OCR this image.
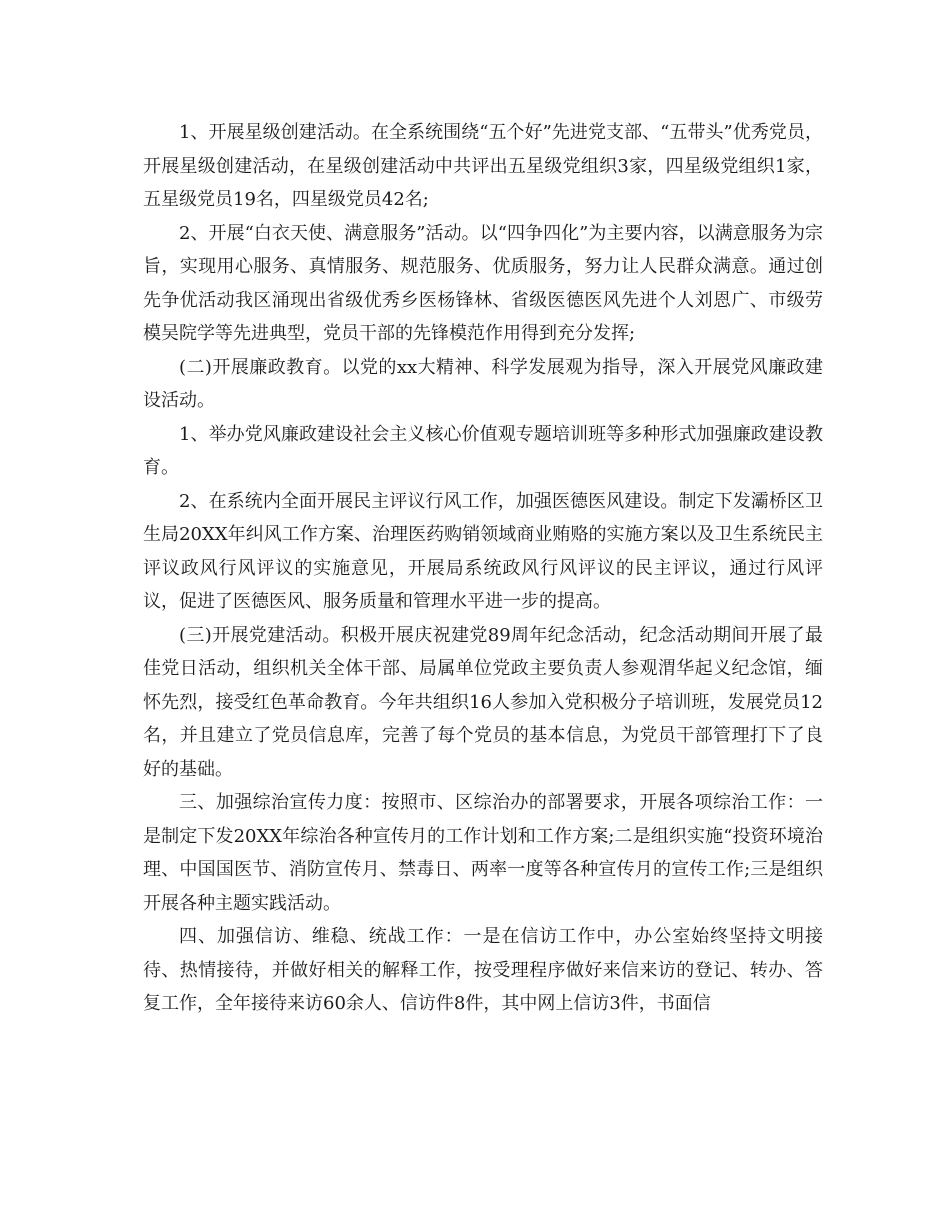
1、开展星级创建活动。在全系统围绕“五个好”先进党支部、“五带头”优秀党员，开展星级创建活动，在星级创建活动中共评出五星级党组织3家，四星级党组织1家，五星级党员19名，四星级党员42名;

2、开展“白衣天使、满意服务”活动。以“四争四化”为主要内容，以满意服务为宗旨，实现用心服务、真情服务、规范服务、优质服务，努力让人民群众满意。通过创先争优活动我区涌现出省级优秀乡医杨锋林、省级医德医风先进个人刘恩广、市级劳模吴院学等先进典型，党员干部的先锋模范作用得到充分发挥;

(二)开展廉政教育。以党的xx大精神、科学发展观为指导，深入开展党风廉政建设活动。

1、举办党风廉政建设社会主义核心价值观专题培训班等多种形式加强廉政建设教育。

2、在系统内全面开展民主评议行风工作，加强医德医风建设。制定下发灞桥区卫生局20XX年纠风工作方案、治理医药购销领域商业贿赂的实施方案以及卫生系统民主评议政风行风评议的实施意见，开展局系统政风行风评议的民主评议，通过行风评议，促进了医德医风、服务质量和管理水平进一步的提高。

(三)开展党建活动。积极开展庆祝建党89周年纪念活动，纪念活动期间开展了最佳党日活动，组织机关全体干部、局属单位党政主要负责人参观渭华起义纪念馆，缅怀先烈，接受红色革命教育。今年共组织16人参加入党积极分子培训班，发展党员12名，并且建立了党员信息库，完善了每个党员的基本信息，为党员干部管理打下了良好的基础。

三、加强综治宣传力度：按照市、区综治办的部署要求，开展各项综治工作：一是制定下发20XX年综治各种宣传月的工作计划和工作方案;二是组织实施“投资环境治理、中国国医节、消防宣传月、禁毒日、两率一度等各种宣传月的宣传工作;三是组织开展各种主题实践活动。

四、加强信访、维稳、统战工作：一是在信访工作中，办公室始终坚持文明接待、热情接待，并做好相关的解释工作，按受理程序做好来信来访的登记、转办、答复工作，全年接待来访60余人、信访件8件，其中网上信访3件，书面信
